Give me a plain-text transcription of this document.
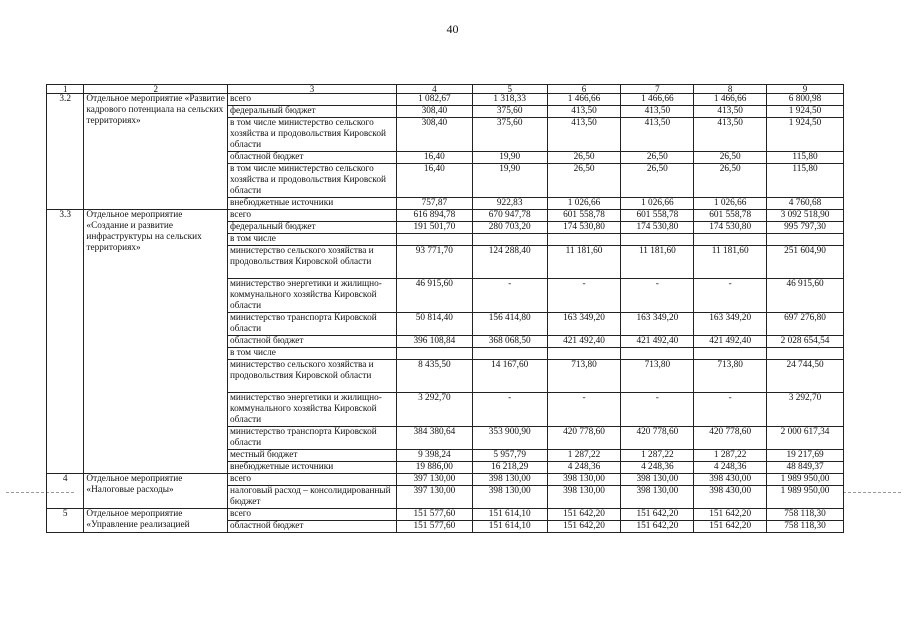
40
1	2	3	4	5	6	7	8	9
3.2	Отдельное мероприятие «Развитие кадрового потенциала на сельских территориях»	всего	1 082,67	1 318,33	1 466,66	1 466,66	1 466,66	6 800,98
		федеральный бюджет	308,40	375,60	413,50	413,50	413,50	1 924,50
		в том числе министерство сельского хозяйства и продовольствия Кировской области	308,40	375,60	413,50	413,50	413,50	1 924,50
		областной бюджет	16,40	19,90	26,50	26,50	26,50	115,80
		в том числе министерство сельского хозяйства и продовольствия Кировской области	16,40	19,90	26,50	26,50	26,50	115,80
		внебюджетные источники	757,87	922,83	1 026,66	1 026,66	1 026,66	4 760,68
3.3	Отдельное мероприятие «Создание и развитие инфраструктуры на сельских территориях»	всего	616 894,78	670 947,78	601 558,78	601 558,78	601 558,78	3 092 518,90
		федеральный бюджет	191 501,70	280 703,20	174 530,80	174 530,80	174 530,80	995 797,30
		в том числе						
		министерство сельского хозяйства и продовольствия Кировской области	93 771,70	124 288,40	11 181,60	11 181,60	11 181,60	251 604,90
		министерство энергетики и жилищно-коммунального хозяйства Кировской области	46 915,60	-	-	-	-	46 915,60
		министерство транспорта Кировской области	50 814,40	156 414,80	163 349,20	163 349,20	163 349,20	697 276,80
		областной бюджет	396 108,84	368 068,50	421 492,40	421 492,40	421 492,40	2 028 654,54
		в том числе						
		министерство сельского хозяйства и продовольствия Кировской области	8 435,50	14 167,60	713,80	713,80	713,80	24 744,50
		министерство энергетики и жилищно-коммунального хозяйства Кировской области	3 292,70	-	-	-	-	3 292,70
		министерство транспорта Кировской области	384 380,64	353 900,90	420 778,60	420 778,60	420 778,60	2 000 617,34
		местный бюджет	9 398,24	5 957,79	1 287,22	1 287,22	1 287,22	19 217,69
		внебюджетные источники	19 886,00	16 218,29	4 248,36	4 248,36	4 248,36	48 849,37
4	Отдельное мероприятие «Налоговые расходы»	всего	397 130,00	398 130,00	398 130,00	398 130,00	398 430,00	1 989 950,00
		налоговый расход – консолидированный бюджет	397 130,00	398 130,00	398 130,00	398 130,00	398 430,00	1 989 950,00
5	Отдельное мероприятие «Управление реализацией	всего	151 577,60	151 614,10	151 642,20	151 642,20	151 642,20	758 118,30
		областной бюджет	151 577,60	151 614,10	151 642,20	151 642,20	151 642,20	758 118,30
